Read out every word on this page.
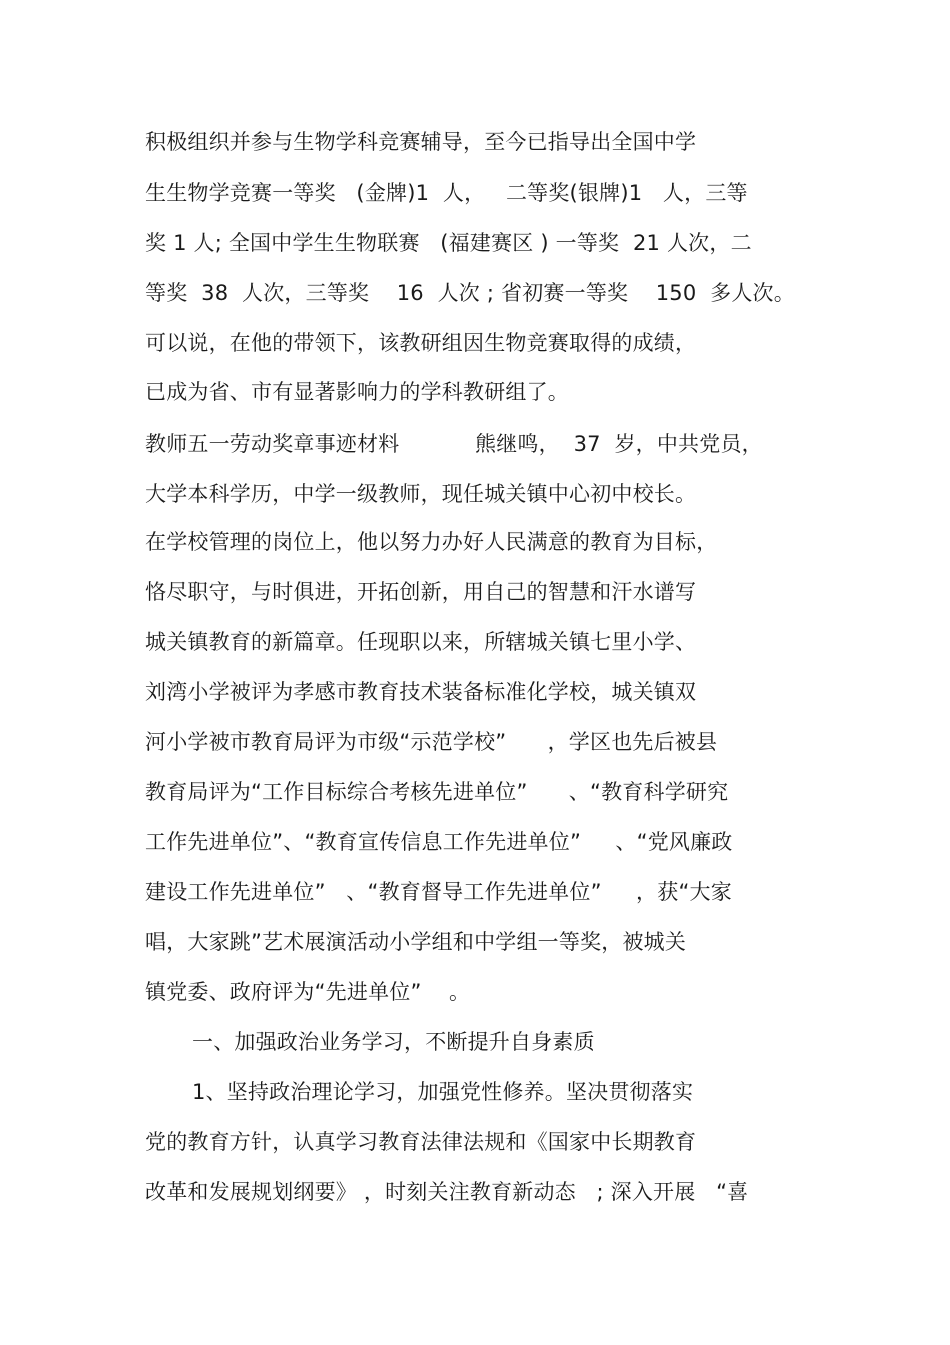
积极组织并参与生物学科竞赛辅导，至今已指导出全国中学
生生物学竞赛一等奖   (金牌)1  人，   二等奖(银牌)1   人，三等
奖 1 人; 全国中学生生物联赛   (福建赛区 ) 一等奖  21 人次，二
等奖  38  人次，三等奖    16  人次 ; 省初赛一等奖    150  多人次。
可以说，在他的带领下，该教研组因生物竞赛取得的成绩，
已成为省、市有显著影响力的学科教研组了。
教师五一劳动奖章事迹材料           熊继鸣，  37  岁，中共党员，
大学本科学历，中学一级教师，现任城关镇中心初中校长。
在学校管理的岗位上，他以努力办好人民满意的教育为目标，
恪尽职守，与时俱进，开拓创新，用自己的智慧和汗水谱写
城关镇教育的新篇章。任现职以来，所辖城关镇七里小学、
刘湾小学被评为孝感市教育技术装备标准化学校，城关镇双
河小学被市教育局评为市级“示范学校”      ，学区也先后被县
教育局评为“工作目标综合考核先进单位”      、“教育科学研究
工作先进单位”、“教育宣传信息工作先进单位”     、“党风廉政
建设工作先进单位”   、“教育督导工作先进单位”     ，获“大家
唱，大家跳”艺术展演活动小学组和中学组一等奖，被城关
镇党委、政府评为“先进单位”    。
一、加强政治业务学习，不断提升自身素质
1、坚持政治理论学习，加强党性修养。坚决贯彻落实
党的教育方针，认真学习教育法律法规和《国家中长期教育
改革和发展规划纲要》 ，时刻关注教育新动态   ; 深入开展   “喜
